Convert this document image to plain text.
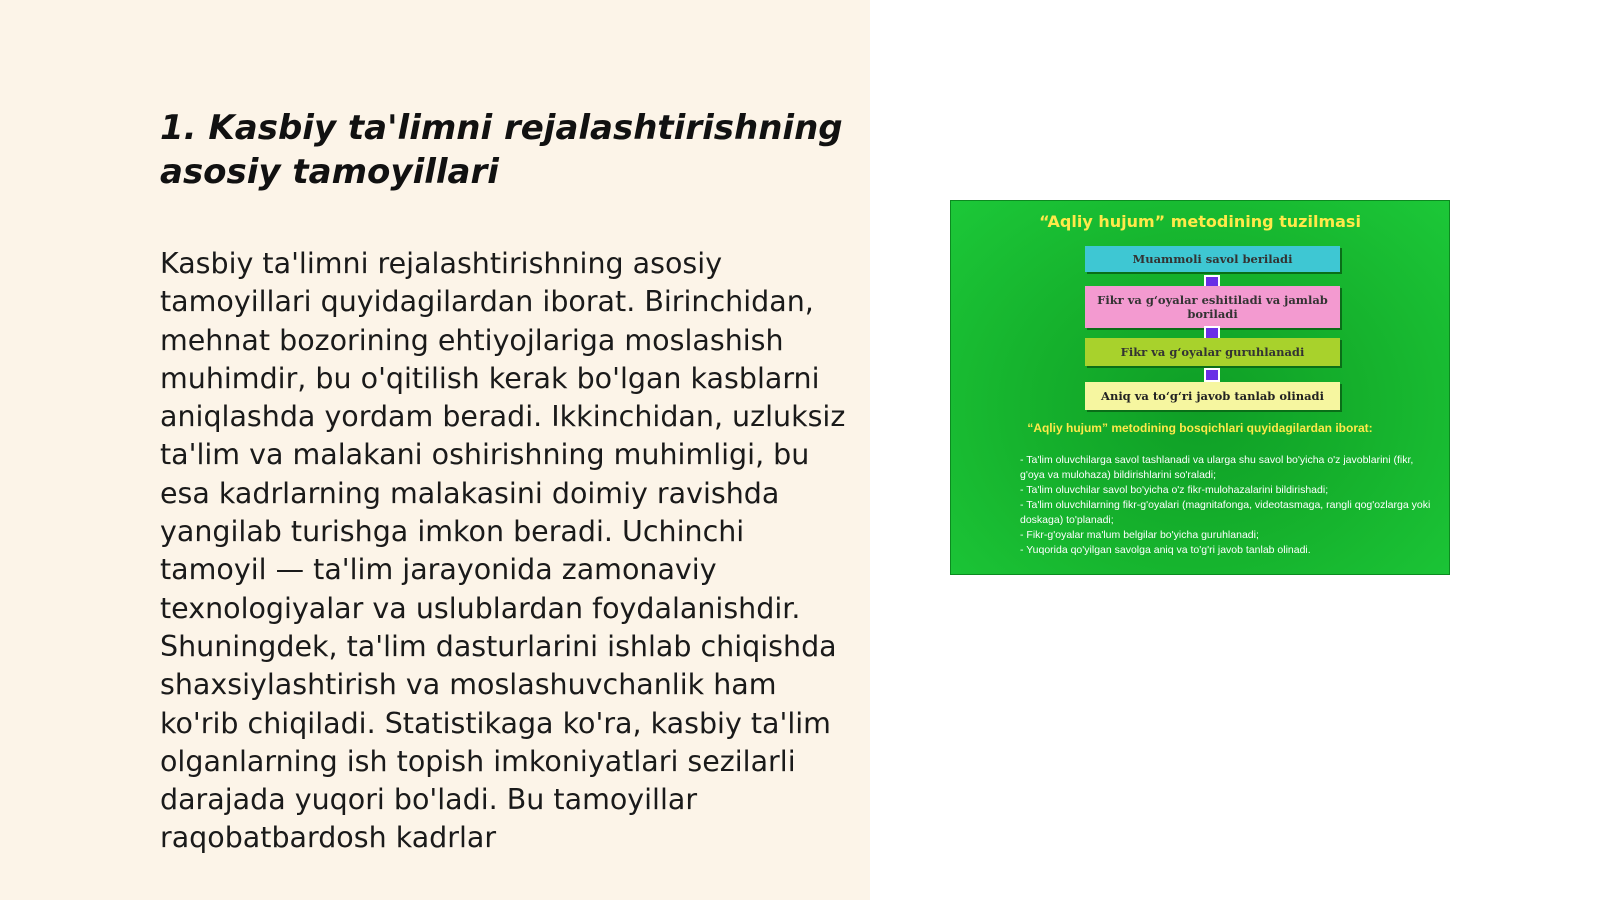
1. Kasbiy ta'limni rejalashtirishning asosiy tamoyillari

Kasbiy ta'limni rejalashtirishning asosiy tamoyillari quyidagilardan iborat. Birinchidan, mehnat bozorining ehtiyojlariga moslashish muhimdir, bu o'qitilish kerak bo'lgan kasblarni aniqlashda yordam beradi. Ikkinchidan, uzluksiz ta'lim va malakani oshirishning muhimligi, bu esa kadrlarning malakasini doimiy ravishda yangilab turishga imkon beradi. Uchinchi tamoyil — ta'lim jarayonida zamonaviy texnologiyalar va uslublardan foydalanishdir. Shuningdek, ta'lim dasturlarini ishlab chiqishda shaxsiylashtirish va moslashuvchanlik ham ko'rib chiqiladi. Statistikaga ko'ra, kasbiy ta'lim olganlarning ish topish imkoniyatlari sezilarli darajada yuqori bo'ladi. Bu tamoyillar raqobatbardosh kadrlar

“Aqliy hujum” metodining tuzilmasi
Muammoli savol beriladi
Fikr va g‘oyalar eshitiladi va jamlab boriladi
Fikr va g‘oyalar guruhlanadi
Aniq va to‘g‘ri javob tanlab olinadi
“Aqliy hujum” metodining bosqichlari quyidagilardan iborat:
- Ta'lim oluvchilarga savol tashlanadi va ularga shu savol bo'yicha o'z javoblarini (fikr, g'oya va mulohaza) bildirishlarini so'raladi;
- Ta'lim oluvchilar savol bo'yicha o'z fikr-mulohazalarini bildirishadi;
- Ta'lim oluvchilarning fikr-g'oyalari (magnitafonga, videotasmaga, rangli qog'ozlarga yoki doskaga) to'planadi;
- Fikr-g'oyalar ma'lum belgilar bo'yicha guruhlanadi;
- Yuqorida qo'yilgan savolga aniq va to'g'ri javob tanlab olinadi.
